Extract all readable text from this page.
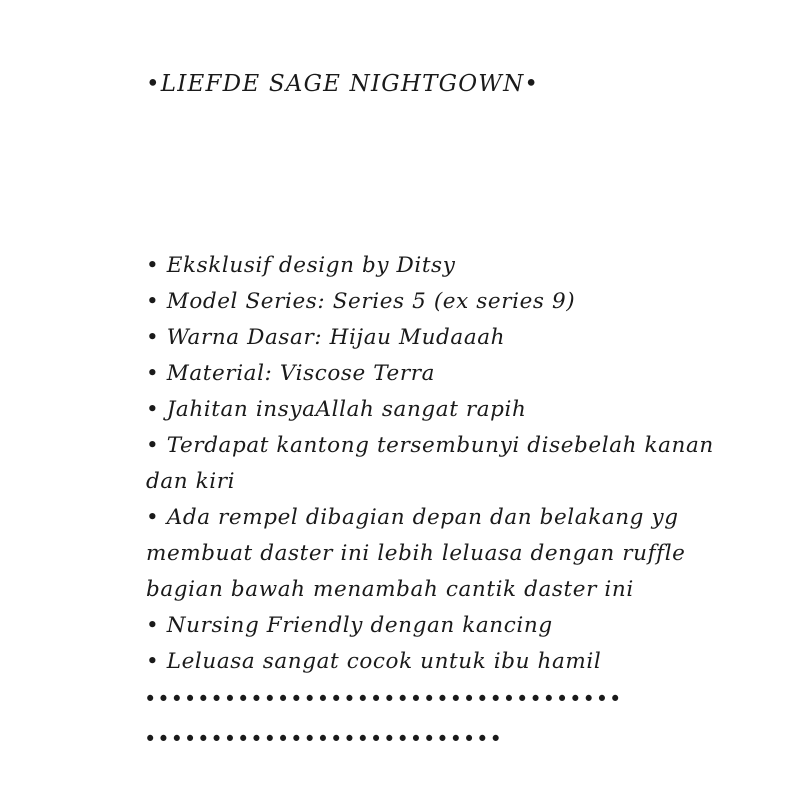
•LIEFDE SAGE NIGHTGOWN•
• Eksklusif design by Ditsy
• Model Series: Series 5 (ex series 9)
• Warna Dasar: Hijau Mudaaah
• Material: Viscose Terra
• Jahitan insyaAllah sangat rapih
• Terdapat kantong tersembunyi disebelah kanan
dan kiri
• Ada rempel dibagian depan dan belakang yg
membuat daster ini lebih leluasa dengan ruffle
bagian bawah menambah cantik daster ini
• Nursing Friendly dengan kancing
• Leluasa sangat cocok untuk ibu hamil
••••••••••••••••••••••••••••••••••••
•••••••••••••••••••••••••••
